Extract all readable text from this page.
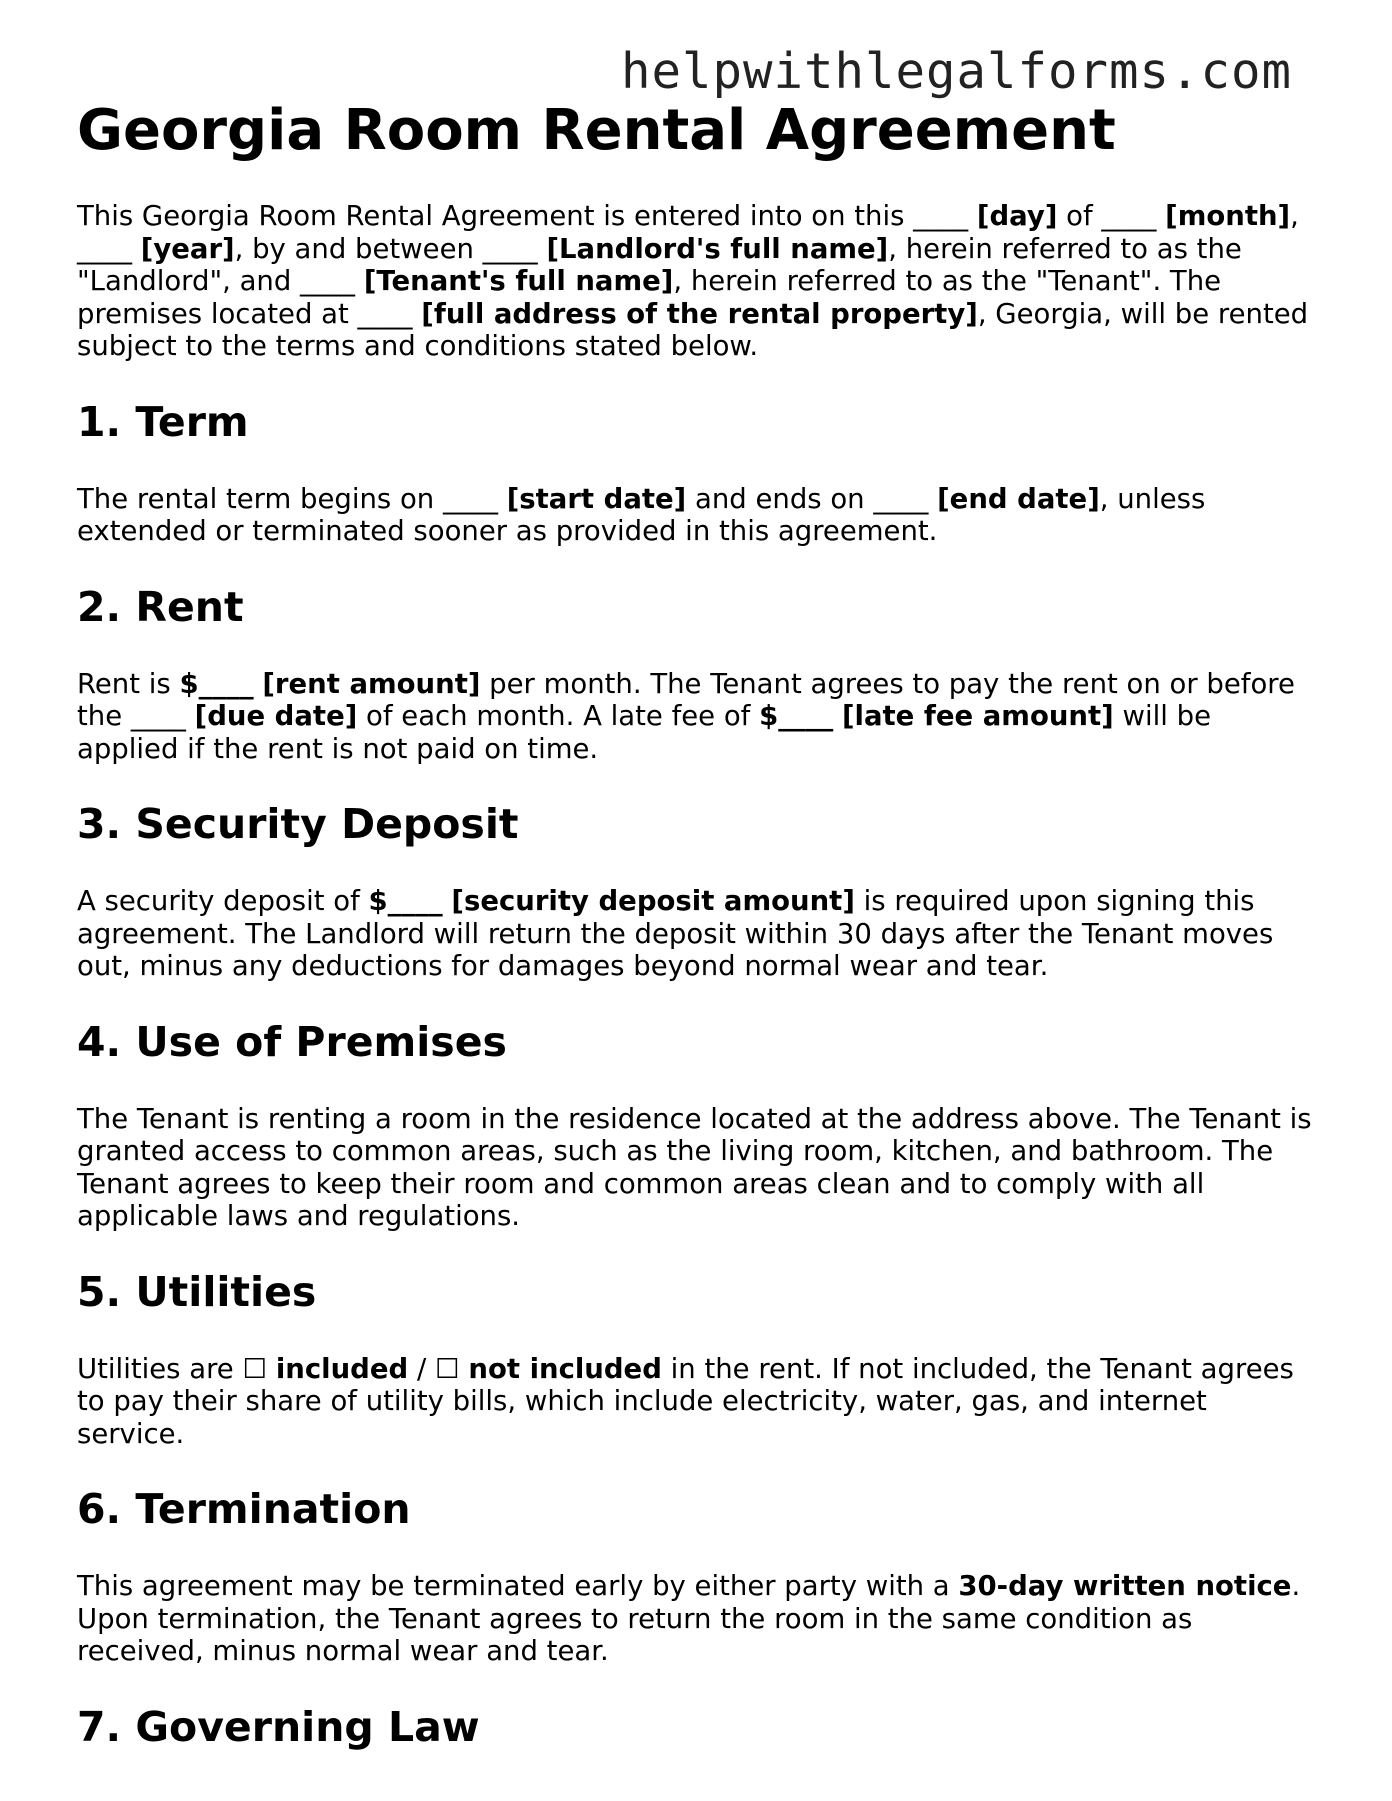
helpwithlegalforms.com
Georgia Room Rental Agreement

This Georgia Room Rental Agreement is entered into on this ____ [day] of ____ [month], ____ [year], by and between ____ [Landlord's full name], herein referred to as the "Landlord", and ____ [Tenant's full name], herein referred to as the "Tenant". The premises located at ____ [full address of the rental property], Georgia, will be rented subject to the terms and conditions stated below.

1. Term

The rental term begins on ____ [start date] and ends on ____ [end date], unless extended or terminated sooner as provided in this agreement.

2. Rent

Rent is $____ [rent amount] per month. The Tenant agrees to pay the rent on or before the ____ [due date] of each month. A late fee of $____ [late fee amount] will be applied if the rent is not paid on time.

3. Security Deposit

A security deposit of $____ [security deposit amount] is required upon signing this agreement. The Landlord will return the deposit within 30 days after the Tenant moves out, minus any deductions for damages beyond normal wear and tear.

4. Use of Premises

The Tenant is renting a room in the residence located at the address above. The Tenant is granted access to common areas, such as the living room, kitchen, and bathroom. The Tenant agrees to keep their room and common areas clean and to comply with all applicable laws and regulations.

5. Utilities

Utilities are ☐ included / ☐ not included in the rent. If not included, the Tenant agrees to pay their share of utility bills, which include electricity, water, gas, and internet service.

6. Termination

This agreement may be terminated early by either party with a 30-day written notice. Upon termination, the Tenant agrees to return the room in the same condition as received, minus normal wear and tear.

7. Governing Law
